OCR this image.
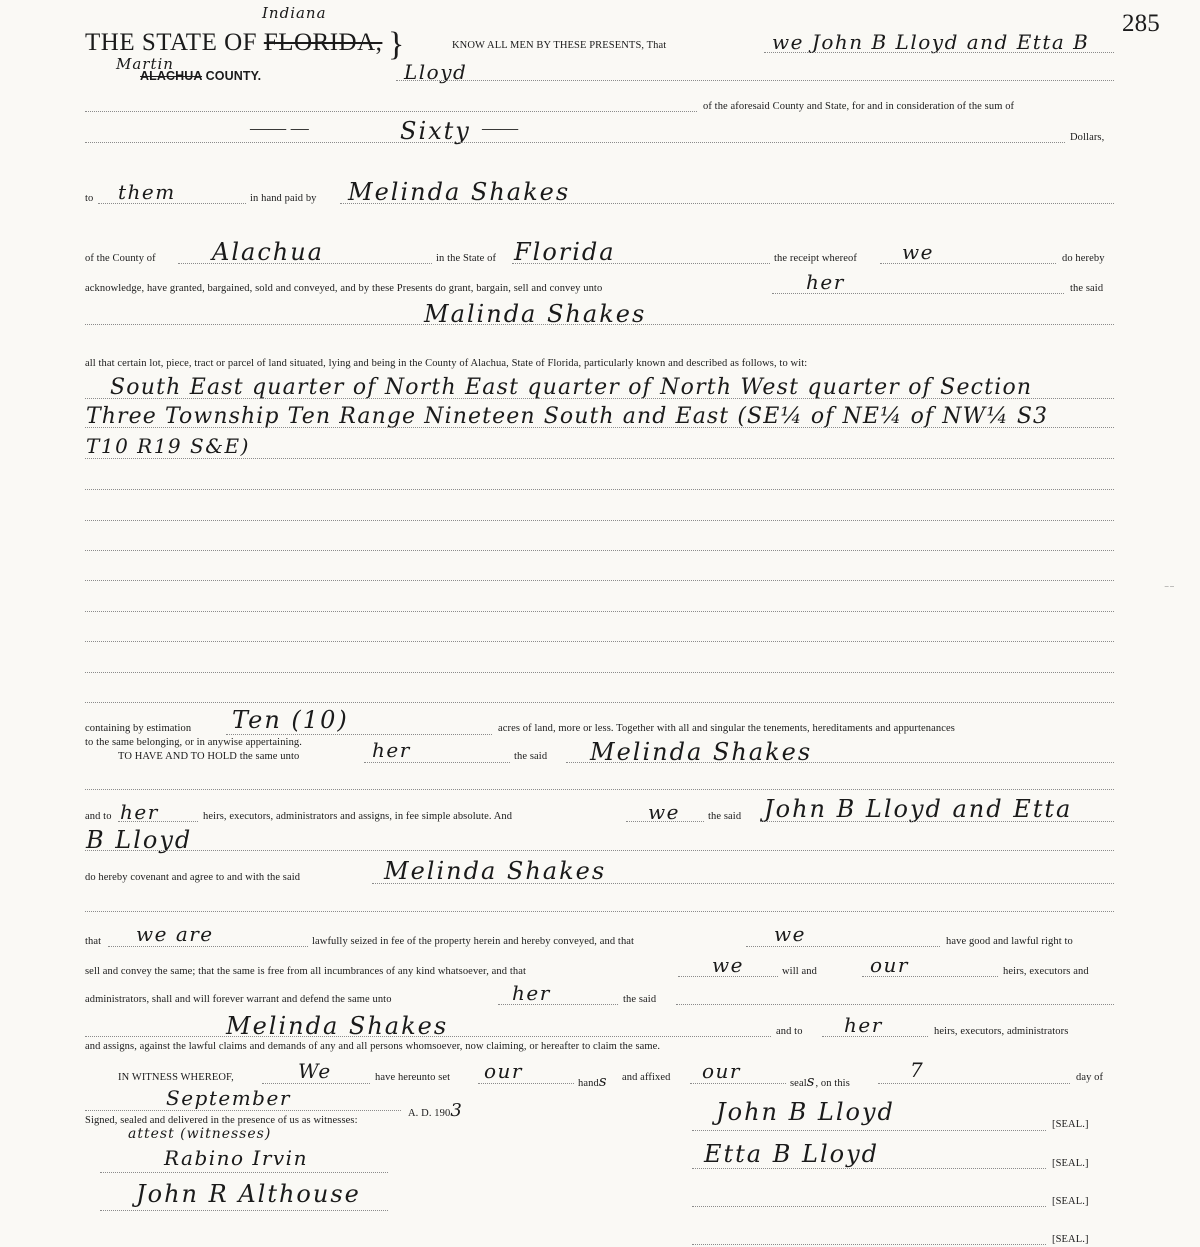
285
THE STATE OF FLORIDA, }
Indiana
Martin
ALACHUA COUNTY.
KNOW ALL MEN BY THESE PRESENTS, That	we John B Lloyd and Etta B
Lloyd
of the aforesaid County and State, for and in consideration of the sum of
—— —	Sixty ——	Dollars,
to them	in hand paid by Melinda Shakes
of the County of Alachua	in the State of Florida	the receipt whereof we	do hereby
acknowledge, have granted, bargained, sold and conveyed, and by these Presents do grant, bargain, sell and convey unto	her	the said
Malinda Shakes
all that certain lot, piece, tract or parcel of land situated, lying and being in the County of Alachua, State of Florida, particularly known and described as follows, to wit:
South East quarter of North East quarter of North West quarter of Section
Three Township Ten Range Nineteen South and East (SE¼ of NE¼ of NW¼ S3
T10 R19 S&E)
containing by estimation Ten (10)	acres of land, more or less. Together with all and singular the tenements, hereditaments and appurtenances
to the same belonging, or in anywise appertaining.
TO HAVE AND TO HOLD the same unto	her	the said Melinda Shakes
and to her	heirs, executors, administrators and assigns, in fee simple absolute. And	we	the said John B Lloyd and Etta
B Lloyd
do hereby covenant and agree to and with the said	Melinda Shakes
that we are	lawfully seized in fee of the property herein and hereby conveyed, and that	we	have good and lawful right to
sell and convey the same; that the same is free from all incumbrances of any kind whatsoever, and that	we	will and	our	heirs, executors and
administrators, shall and will forever warrant and defend the same unto	her	the said
Melinda Shakes	and to her	heirs, executors, administrators
and assigns, against the lawful claims and demands of any and all persons whomsoever, now claiming, or hereafter to claim the same.
IN WITNESS WHEREOF,	We	have hereunto set our
hands and affixed our
seals, on this
7	day of
September
A. D. 1903
Signed, sealed and delivered in the presence of us as witnesses:
attest (witnesses)
Rabino Irvin
John R Althouse
John B Lloyd	[SEAL.]
Etta B Lloyd	[SEAL.]
[SEAL.]
[SEAL.]
⁻⁻
